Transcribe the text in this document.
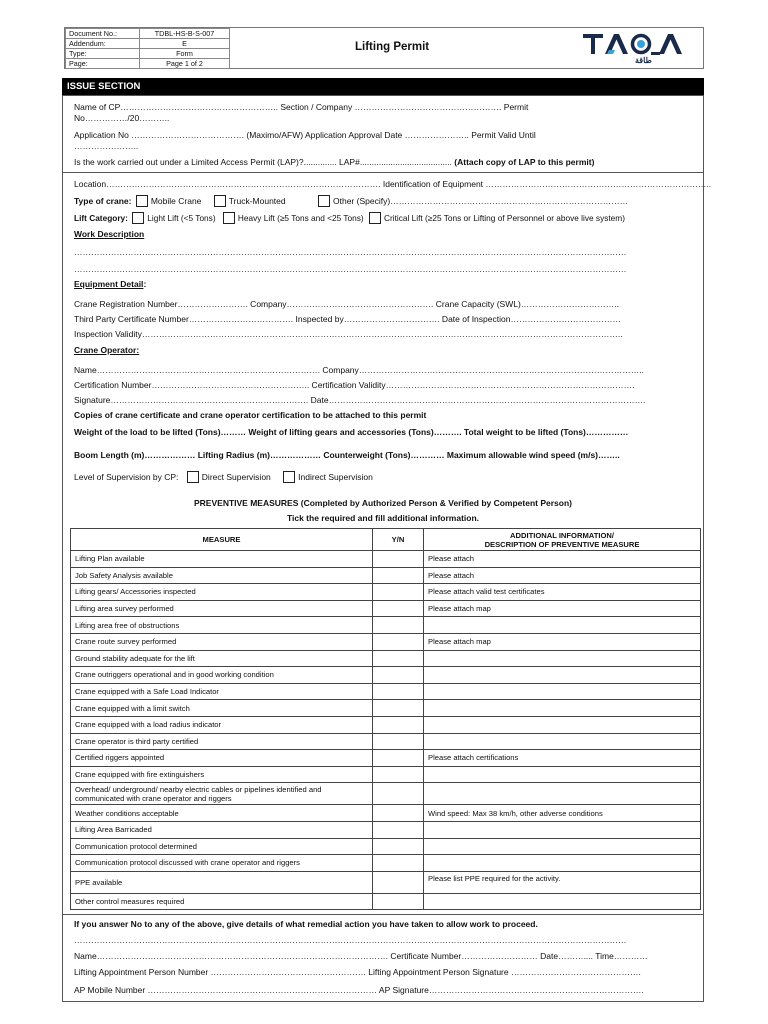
Document No.:	TDBL-HS-B-S-007
Addendum:	E
Type:	Form
Page:	Page 1 of 2
Lifting Permit
طاقة
ISSUE SECTION
Name of CP……………………………………………….. Section / Company ……………………………………………. Permit
No……………/20………..
Application No …………………………………. (Maximo/AFW) Application Approval Date ………………….. Permit Valid Until
…………………..
Is the work carried out under a Limited Access Permit (LAP)?.............. LAP#....................................... (Attach copy of LAP to this permit)
Location……………………………………………………………………………………. Identification of Equipment ……………………………………………………………………..
Type of crane: Mobile Crane	Truck-Mounted	Other (Specify)…………………………………………………………………………
Lift Category: Light Lift (<5 Tons)	Heavy Lift (≥5 Tons and <25 Tons) Critical Lift (≥25 Tons or Lifting of Personnel or above live system)
Work Description
……………………………………………………………………………………………………………………………………………………………………………
……………………………………………………………………………………………………………………………………………………………………………
Equipment Detail:
Crane Registration Number……………………. Company……………………………………………. Crane Capacity (SWL)……………………………..
Third Party Certificate Number………………………………. Inspected by……………………………. Date of Inspection…………………………………
Inspection Validity……………………………………………………………………………………………………………………………………………………..
Crane Operator:
Name……………………………………………………………………. Company………………………………………………………………………………………..
Certification Number……………………………………………….. Certification Validity…………………………………………………………………………….
Signature……………………………………………………………. Date………………………………………………………………………………………………….
Copies of crane certificate and crane operator certification to be attached to this permit
Weight of the load to be lifted (Tons)……… Weight of lifting gears and accessories (Tons)………. Total weight to be lifted (Tons)……………
Boom Length (m)……………… Lifting Radius (m)……………… Counterweight (Tons)………… Maximum allowable wind speed (m/s)……..
Level of Supervision by CP:	Direct Supervision	Indirect Supervision
PREVENTIVE MEASURES (Completed by Authorized Person & Verified by Competent Person)
Tick the required and fill additional information.
MEASURE	Y/N	ADDITIONAL INFORMATION/
DESCRIPTION OF PREVENTIVE MEASURE

Lifting Plan available		Please attach
Job Safety Analysis available		Please attach
Lifting gears/ Accessories inspected		Please attach valid test certificates
Lifting area survey performed		Please attach map
Lifting area free of obstructions		
Crane route survey performed		Please attach map
Ground stability adequate for the lift		
Crane outriggers operational and in good working condition		
Crane equipped with a Safe Load Indicator		
Crane equipped with a limit switch		
Crane equipped with a load radius indicator		
Crane operator is third party certified		
Certified riggers appointed		Please attach certifications
Crane equipped with fire extinguishers		
Overhead/ underground/ nearby electric cables or pipelines identified and communicated with crane operator and riggers		
Weather conditions acceptable		Wind speed: Max 38 km/h, other adverse conditions
Lifting Area Barricaded		
Communication protocol determined		
Communication protocol discussed with crane operator and riggers		
PPE available		Please list PPE required for the activity.
Other control measures required		
If you answer No to any of the above, give details of what remedial action you have taken to allow work to proceed.
……………………………………………………………………………………………………………………………………………………………………………
Name…………………………………………………………………………………………. Certificate Number……………………… Date……….... Time…………
Lifting Appointment Person Number ………………………………………………. Lifting Appointment Person Signature ……………………………………….
AP Mobile Number ……………………………………………………………………… AP Signature………………………………………………………………….
